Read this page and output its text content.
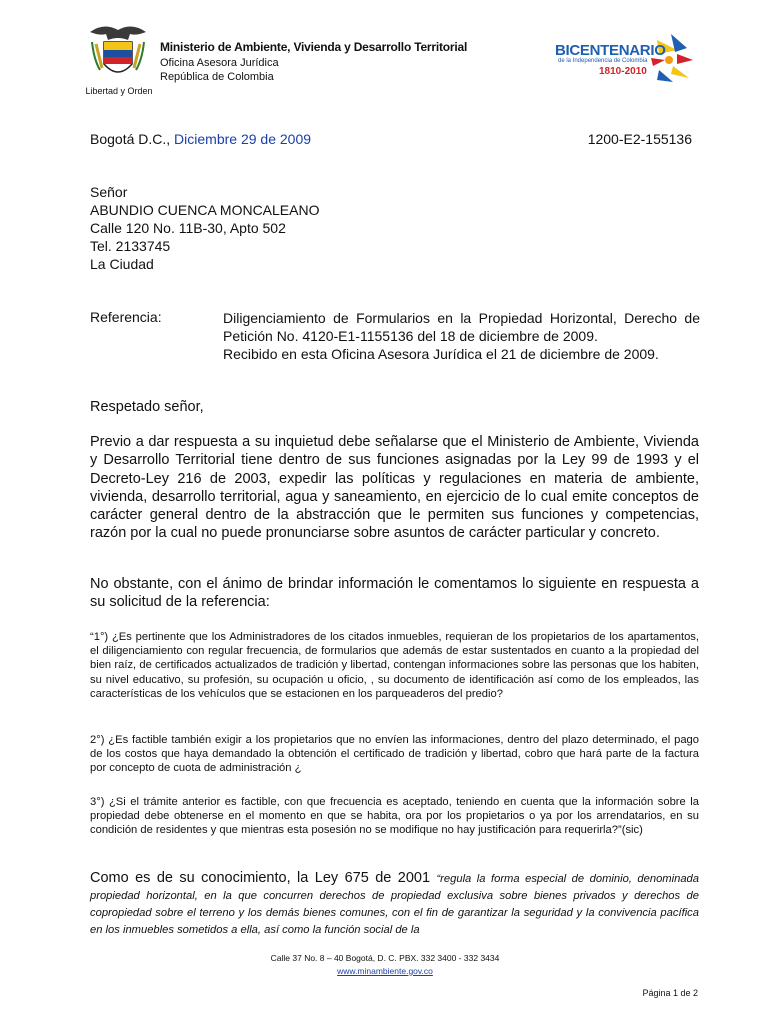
Libertad y Orden
Ministerio de Ambiente, Vivienda y Desarrollo Territorial
Oficina Asesora Jurídica
República de Colombia
BICENTENARIO
de la Independencia de Colombia
1810-2010
Bogotá D.C., Diciembre 29 de 2009	1200-E2-155136
Señor
ABUNDIO CUENCA MONCALEANO
Calle 120 No. 11B-30, Apto 502
Tel. 2133745
La Ciudad
Referencia:	Diligenciamiento de Formularios en la Propiedad Horizontal, Derecho de Petición No. 4120-E1-1155136 del 18 de diciembre de 2009.
Recibido en esta Oficina Asesora Jurídica el 21 de diciembre de 2009.
Respetado señor,
Previo a dar respuesta a su inquietud debe señalarse que el Ministerio de Ambiente, Vivienda y Desarrollo Territorial tiene dentro de sus funciones asignadas por la Ley 99 de 1993 y el Decreto-Ley 216 de 2003, expedir las políticas y regulaciones en materia de ambiente, vivienda, desarrollo territorial, agua y saneamiento, en ejercicio de lo cual emite conceptos de carácter general dentro de la abstracción que le permiten sus funciones y competencias, razón por la cual no puede pronunciarse sobre asuntos de carácter particular y concreto.
No obstante, con el ánimo de brindar información le comentamos lo siguiente en respuesta a su solicitud de la referencia:
“1°) ¿Es pertinente que los Administradores de los citados inmuebles, requieran de los propietarios de los apartamentos, el diligenciamiento con regular frecuencia, de formularios que además de estar sustentados en cuanto a la propiedad del bien raíz, de certificados actualizados de tradición y libertad, contengan informaciones sobre las personas que los habiten, su nivel educativo, su profesión, su ocupación u oficio, , su documento de identificación así como de los empleados, las características de los vehículos que se estacionen en los parqueaderos del predio?
2°) ¿Es factible también exigir a los propietarios que no envíen las informaciones, dentro del plazo determinado, el pago de los costos que haya demandado la obtención el certificado de tradición y libertad, cobro que hará parte de la factura por concepto de cuota de administración ¿
3°) ¿Si el trámite anterior es factible, con que frecuencia es aceptado, teniendo en cuenta que la información sobre la propiedad debe obtenerse en el momento en que se habita, ora por los propietarios o ya por los arrendatarios, en su condición de residentes y que mientras esta posesión no se modifique no hay justificación para requerirla?”(sic)
Como es de su conocimiento, la Ley 675 de 2001 “regula la forma especial de dominio, denominada propiedad horizontal, en la que concurren derechos de propiedad exclusiva sobre bienes privados y derechos de copropiedad sobre el terreno y los demás bienes comunes, con el fin de garantizar la seguridad y la convivencia pacífica en los inmuebles sometidos a ella, así como la función social de la
Calle 37 No. 8 – 40 Bogotá, D. C. PBX. 332 3400 - 332 3434
www.minambiente.gov.co
Página 1 de 2
